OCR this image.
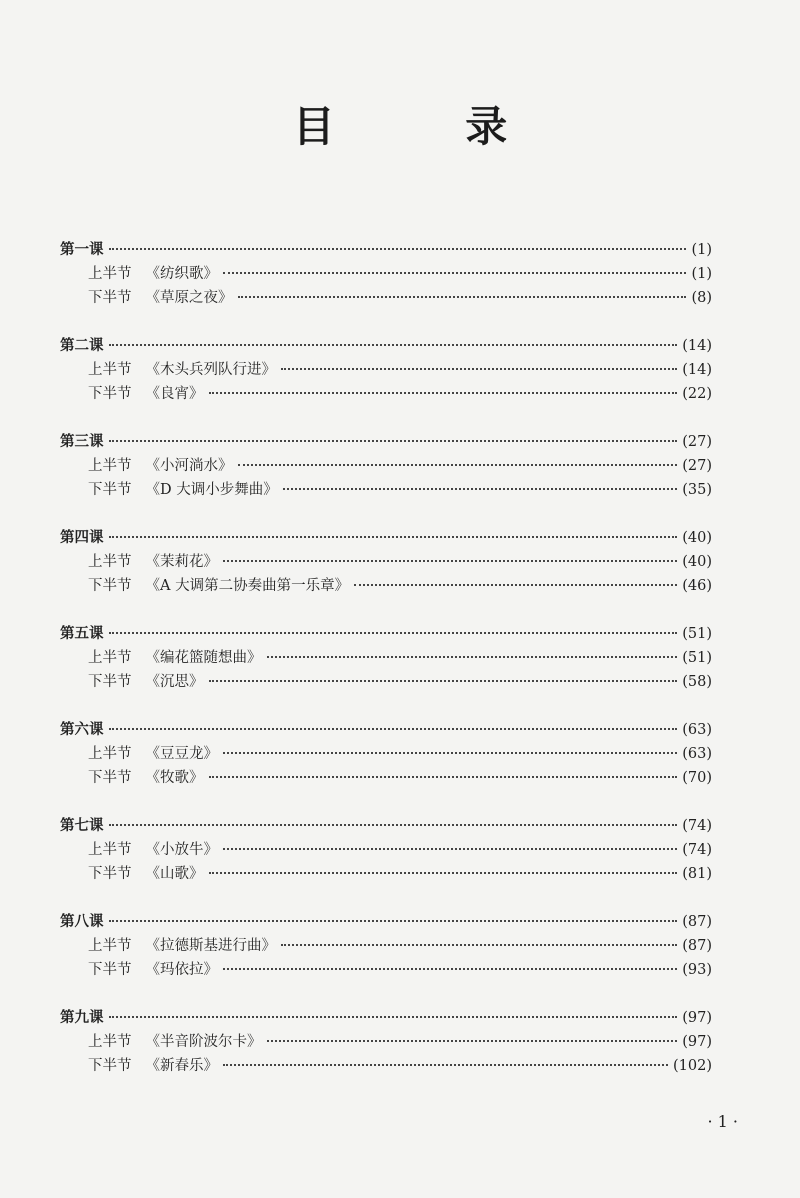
目 录
第一课	(1)
上半节 《纺织歌》	(1)
下半节 《草原之夜》	(8)
第二课	(14)
上半节 《木头兵列队行进》	(14)
下半节 《良宵》	(22)
第三课	(27)
上半节 《小河淌水》	(27)
下半节 《D 大调小步舞曲》	(35)
第四课	(40)
上半节 《茉莉花》	(40)
下半节 《A 大调第二协奏曲第一乐章》	(46)
第五课	(51)
上半节 《编花篮随想曲》	(51)
下半节 《沉思》	(58)
第六课	(63)
上半节 《豆豆龙》	(63)
下半节 《牧歌》	(70)
第七课	(74)
上半节 《小放牛》	(74)
下半节 《山歌》	(81)
第八课	(87)
上半节 《拉德斯基进行曲》	(87)
下半节 《玛依拉》	(93)
第九课	(97)
上半节 《半音阶波尔卡》	(97)
下半节 《新春乐》	(102)
· 1 ·
